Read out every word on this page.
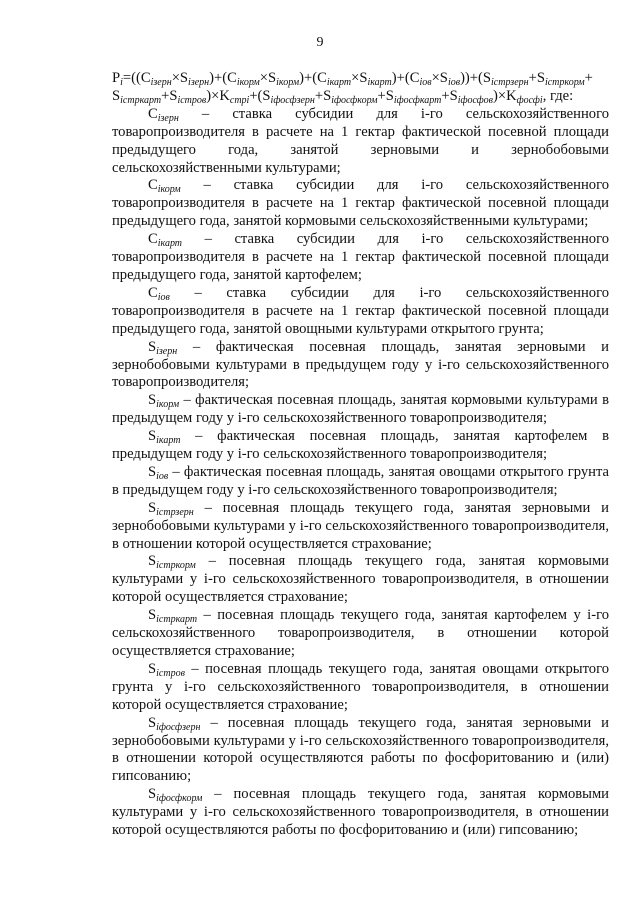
9
$P_i=((C_{ізерн}\times S_{ізерн})+(C_{ікорм}\times S_{ікорм})+(C_{ікарт}\times S_{ікарт})+(C_{іов}\times S_{іов}))+(S_{істрзерн}+S_{істркорм}+$
$S_{істркарт}+S_{істров})\times K_{стрі}+(S_{іфосфзерн}+S_{іфосфкорм}+S_{іфосфкарт}+S_{іфосфов})\times K_{фосфі}$, где:

$C_{ізерн}$ – ставка субсидии для i-го сельскохозяйственного товаропроизводителя в расчете на 1 гектар фактической посевной площади предыдущего года, занятой зерновыми и зернобобовыми сельскохозяйственными культурами;

$C_{ікорм}$ – ставка субсидии для i-го сельскохозяйственного товаропроизводителя в расчете на 1 гектар фактической посевной площади предыдущего года, занятой кормовыми сельскохозяйственными культурами;

$C_{ікарт}$ – ставка субсидии для i-го сельскохозяйственного товаропроизводителя в расчете на 1 гектар фактической посевной площади предыдущего года, занятой картофелем;

$C_{іов}$ – ставка субсидии для i-го сельскохозяйственного товаропроизводителя в расчете на 1 гектар фактической посевной площади предыдущего года, занятой овощными культурами открытого грунта;

$S_{ізерн}$ – фактическая посевная площадь, занятая зерновыми и зернобобовыми культурами в предыдущем году у i-го сельскохозяйственного товаропроизводителя;

$S_{ікорм}$ – фактическая посевная площадь, занятая кормовыми культурами в предыдущем году у i-го сельскохозяйственного товаропроизводителя;

$S_{ікарт}$ – фактическая посевная площадь, занятая картофелем в предыдущем году у i-го сельскохозяйственного товаропроизводителя;

$S_{іов}$ – фактическая посевная площадь, занятая овощами открытого грунта в предыдущем году у i-го сельскохозяйственного товаропроизводителя;

$S_{істрзерн}$ – посевная площадь текущего года, занятая зерновыми и зернобобовыми культурами у i-го сельскохозяйственного товаропроизводителя, в отношении которой осуществляется страхование;

$S_{істркорм}$ – посевная площадь текущего года, занятая кормовыми культурами у i-го сельскохозяйственного товаропроизводителя, в отношении которой осуществляется страхование;

$S_{істркарт}$ – посевная площадь текущего года, занятая картофелем у i-го сельскохозяйственного товаропроизводителя, в отношении которой осуществляется страхование;

$S_{істров}$ – посевная площадь текущего года, занятая овощами открытого грунта у i-го сельскохозяйственного товаропроизводителя, в отношении которой осуществляется страхование;

$S_{іфосфзерн}$ – посевная площадь текущего года, занятая зерновыми и зернобобовыми культурами у i-го сельскохозяйственного товаропроизводителя, в отношении которой осуществляются работы по фосфоритованию и (или) гипсованию;

$S_{іфосфкорм}$ – посевная площадь текущего года, занятая кормовыми культурами у i-го сельскохозяйственного товаропроизводителя, в отношении которой осуществляются работы по фосфоритованию и (или) гипсованию;
